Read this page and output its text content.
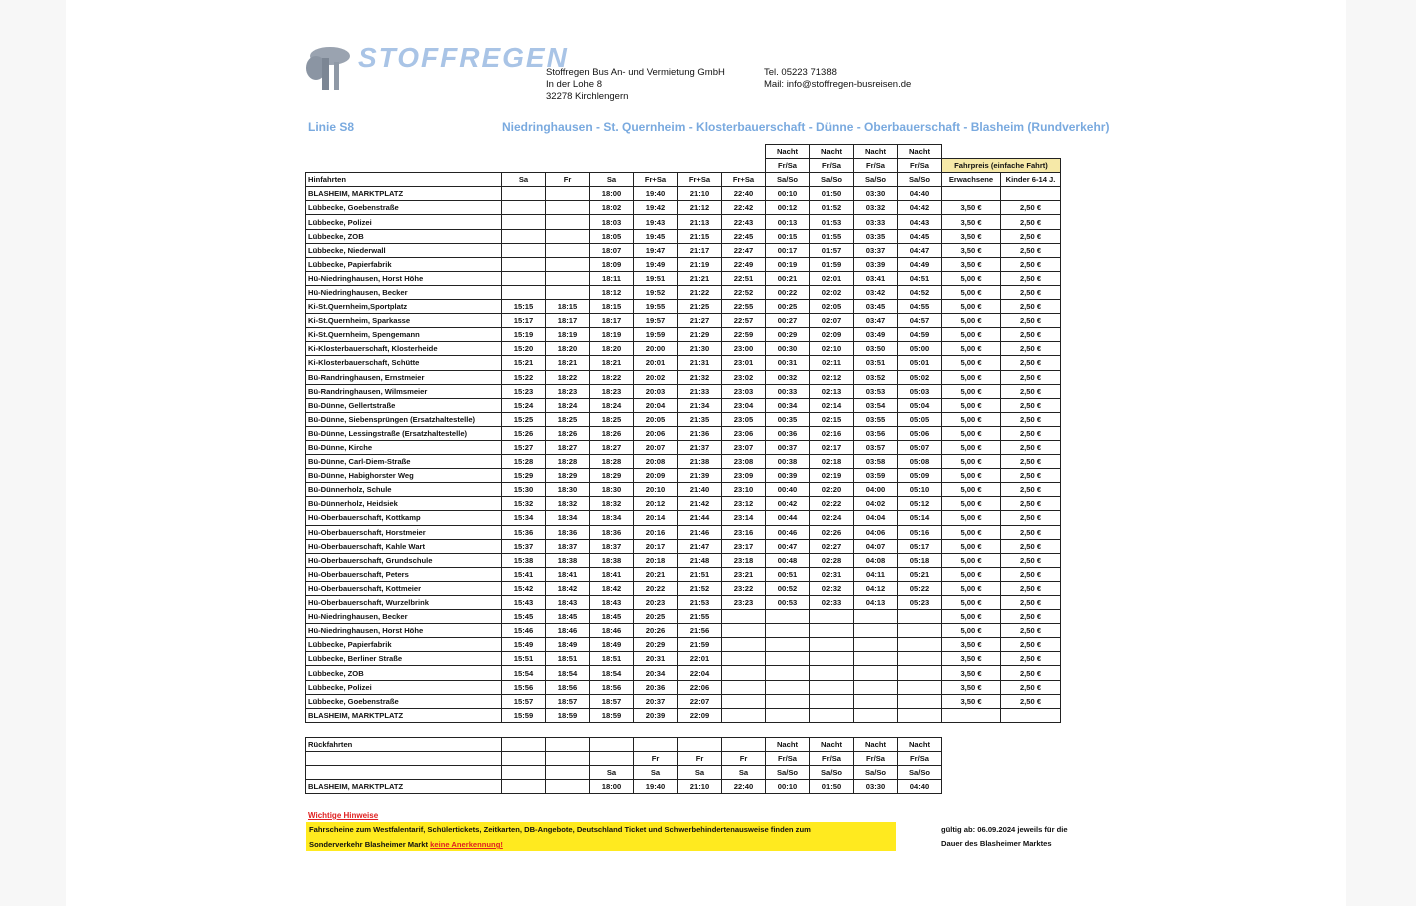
STOFFREGEN
Stoffregen Bus An- und Vermietung GmbH
In der Lohe 8
32278 Kirchlengern
Tel. 05223 71388
Mail: info@stoffregen-busreisen.de
Linie S8	Niedringhausen - St. Quernheim - Klosterbauerschaft - Dünne - Oberbauerschaft - Blasheim (Rundverkehr)
							Nacht	Nacht	Nacht	Nacht		
							Fr/Sa	Fr/Sa	Fr/Sa	Fr/Sa	Fahrpreis (einfache Fahrt)	
Hinfahrten	Sa	Fr	Sa	Fr+Sa	Fr+Sa	Fr+Sa	Sa/So	Sa/So	Sa/So	Sa/So	Erwachsene	Kinder 6-14 J.
BLASHEIM, MARKTPLATZ			18:00	19:40	21:10	22:40	00:10	01:50	03:30	04:40		
Lübbecke, Goebenstraße			18:02	19:42	21:12	22:42	00:12	01:52	03:32	04:42	3,50 €	2,50 €
Lübbecke, Polizei			18:03	19:43	21:13	22:43	00:13	01:53	03:33	04:43	3,50 €	2,50 €
Lübbecke, ZOB			18:05	19:45	21:15	22:45	00:15	01:55	03:35	04:45	3,50 €	2,50 €
Lübbecke, Niederwall			18:07	19:47	21:17	22:47	00:17	01:57	03:37	04:47	3,50 €	2,50 €
Lübbecke, Papierfabrik			18:09	19:49	21:19	22:49	00:19	01:59	03:39	04:49	3,50 €	2,50 €
Hü-Niedringhausen, Horst Höhe			18:11	19:51	21:21	22:51	00:21	02:01	03:41	04:51	5,00 €	2,50 €
Hü-Niedringhausen, Becker			18:12	19:52	21:22	22:52	00:22	02:02	03:42	04:52	5,00 €	2,50 €
Ki-St.Quernheim,Sportplatz	15:15	18:15	18:15	19:55	21:25	22:55	00:25	02:05	03:45	04:55	5,00 €	2,50 €
Ki-St.Quernheim, Sparkasse	15:17	18:17	18:17	19:57	21:27	22:57	00:27	02:07	03:47	04:57	5,00 €	2,50 €
Ki-St.Quernheim, Spengemann	15:19	18:19	18:19	19:59	21:29	22:59	00:29	02:09	03:49	04:59	5,00 €	2,50 €
Ki-Klosterbauerschaft, Klosterheide	15:20	18:20	18:20	20:00	21:30	23:00	00:30	02:10	03:50	05:00	5,00 €	2,50 €
Ki-Klosterbauerschaft, Schütte	15:21	18:21	18:21	20:01	21:31	23:01	00:31	02:11	03:51	05:01	5,00 €	2,50 €
Bü-Randringhausen, Ernstmeier	15:22	18:22	18:22	20:02	21:32	23:02	00:32	02:12	03:52	05:02	5,00 €	2,50 €
Bü-Randringhausen, Wilmsmeier	15:23	18:23	18:23	20:03	21:33	23:03	00:33	02:13	03:53	05:03	5,00 €	2,50 €
Bü-Dünne, Gellertstraße	15:24	18:24	18:24	20:04	21:34	23:04	00:34	02:14	03:54	05:04	5,00 €	2,50 €
Bü-Dünne, Siebensprüngen (Ersatzhaltestelle)	15:25	18:25	18:25	20:05	21:35	23:05	00:35	02:15	03:55	05:05	5,00 €	2,50 €
Bü-Dünne, Lessingstraße (Ersatzhaltestelle)	15:26	18:26	18:26	20:06	21:36	23:06	00:36	02:16	03:56	05:06	5,00 €	2,50 €
Bü-Dünne, Kirche	15:27	18:27	18:27	20:07	21:37	23:07	00:37	02:17	03:57	05:07	5,00 €	2,50 €
Bü-Dünne, Carl-Diem-Straße	15:28	18:28	18:28	20:08	21:38	23:08	00:38	02:18	03:58	05:08	5,00 €	2,50 €
Bü-Dünne, Habighorster Weg	15:29	18:29	18:29	20:09	21:39	23:09	00:39	02:19	03:59	05:09	5,00 €	2,50 €
Bü-Dünnerholz, Schule	15:30	18:30	18:30	20:10	21:40	23:10	00:40	02:20	04:00	05:10	5,00 €	2,50 €
Bü-Dünnerholz, Heidsiek	15:32	18:32	18:32	20:12	21:42	23:12	00:42	02:22	04:02	05:12	5,00 €	2,50 €
Hü-Oberbauerschaft, Kottkamp	15:34	18:34	18:34	20:14	21:44	23:14	00:44	02:24	04:04	05:14	5,00 €	2,50 €
Hü-Oberbauerschaft, Horstmeier	15:36	18:36	18:36	20:16	21:46	23:16	00:46	02:26	04:06	05:16	5,00 €	2,50 €
Hü-Oberbauerschaft, Kahle Wart	15:37	18:37	18:37	20:17	21:47	23:17	00:47	02:27	04:07	05:17	5,00 €	2,50 €
Hü-Oberbauerschaft, Grundschule	15:38	18:38	18:38	20:18	21:48	23:18	00:48	02:28	04:08	05:18	5,00 €	2,50 €
Hü-Oberbauerschaft, Peters	15:41	18:41	18:41	20:21	21:51	23:21	00:51	02:31	04:11	05:21	5,00 €	2,50 €
Hü-Oberbauerschaft, Kottmeier	15:42	18:42	18:42	20:22	21:52	23:22	00:52	02:32	04:12	05:22	5,00 €	2,50 €
Hü-Oberbauerschaft, Wurzelbrink	15:43	18:43	18:43	20:23	21:53	23:23	00:53	02:33	04:13	05:23	5,00 €	2,50 €
Hü-Niedringhausen, Becker	15:45	18:45	18:45	20:25	21:55						5,00 €	2,50 €
Hü-Niedringhausen, Horst Höhe	15:46	18:46	18:46	20:26	21:56						5,00 €	2,50 €
Lübbecke, Papierfabrik	15:49	18:49	18:49	20:29	21:59						3,50 €	2,50 €
Lübbecke, Berliner Straße	15:51	18:51	18:51	20:31	22:01						3,50 €	2,50 €
Lübbecke, ZOB	15:54	18:54	18:54	20:34	22:04						3,50 €	2,50 €
Lübbecke, Polizei	15:56	18:56	18:56	20:36	22:06						3,50 €	2,50 €
Lübbecke, Goebenstraße	15:57	18:57	18:57	20:37	22:07						3,50 €	2,50 €
BLASHEIM, MARKTPLATZ	15:59	18:59	18:59	20:39	22:09							
Rückfahrten							Nacht	Nacht	Nacht	Nacht
				Fr	Fr	Fr	Fr/Sa	Fr/Sa	Fr/Sa	Fr/Sa
			Sa	Sa	Sa	Sa	Sa/So	Sa/So	Sa/So	Sa/So
BLASHEIM, MARKTPLATZ			18:00	19:40	21:10	22:40	00:10	01:50	03:30	04:40
Wichtige Hinweise
Fahrscheine zum Westfalentarif, Schülertickets, Zeitkarten, DB-Angebote, Deutschland Ticket und Schwerbehindertenausweise finden zum
Sonderverkehr Blasheimer Markt keine Anerkennung!
gültig ab: 06.09.2024 jeweils für die
Dauer des Blasheimer Marktes
